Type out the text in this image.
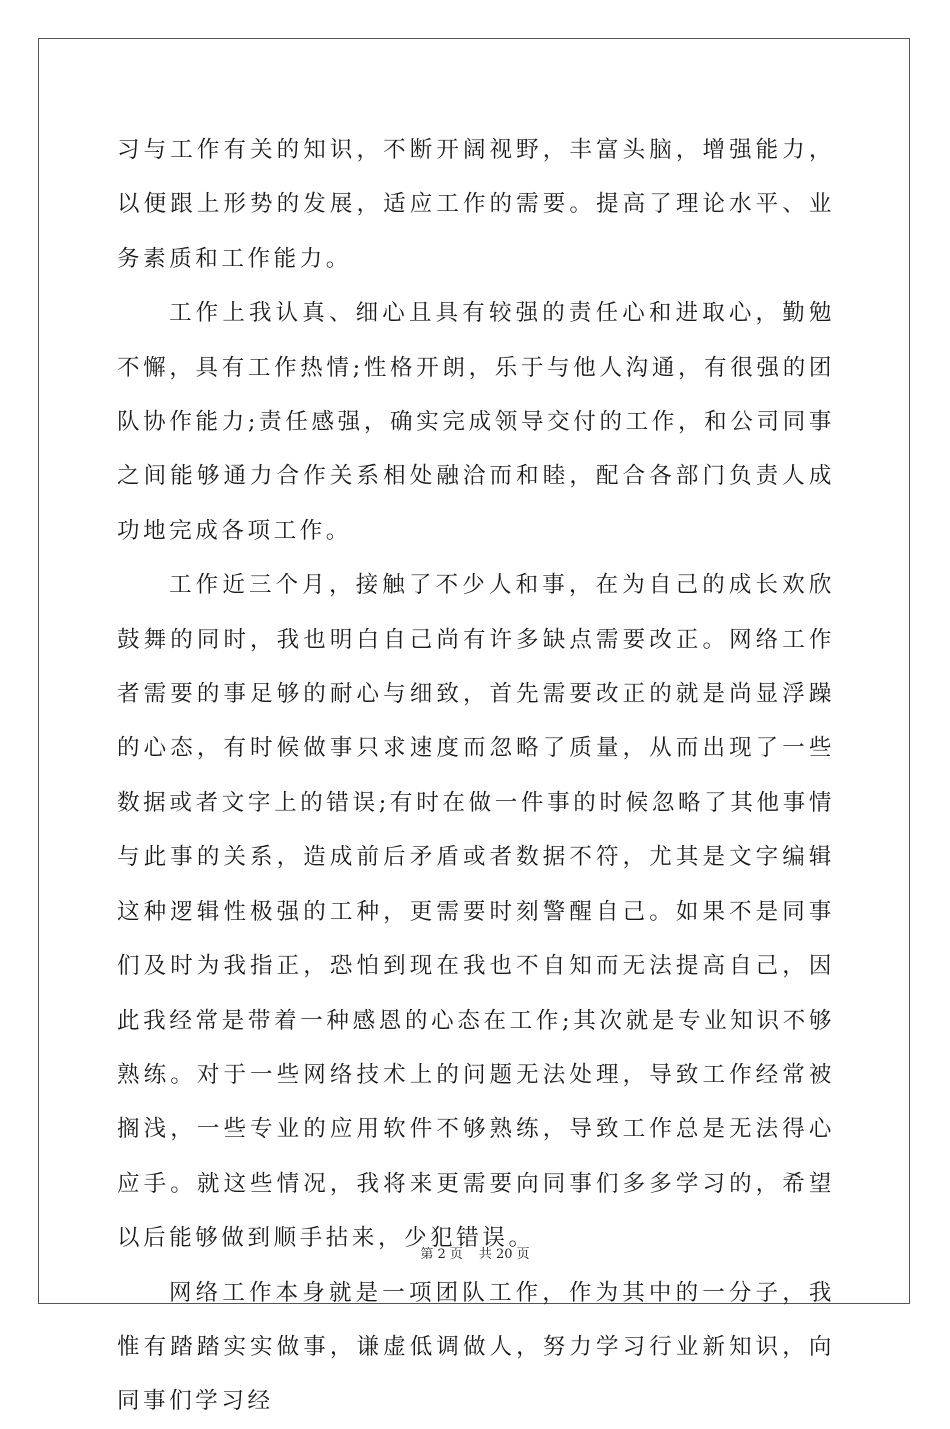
习与工作有关的知识，不断开阔视野，丰富头脑，增强能力，以便跟上形势的发展，适应工作的需要。提高了理论水平、业务素质和工作能力。

工作上我认真、细心且具有较强的责任心和进取心，勤勉不懈，具有工作热情;性格开朗，乐于与他人沟通，有很强的团队协作能力;责任感强，确实完成领导交付的工作，和公司同事之间能够通力合作关系相处融洽而和睦，配合各部门负责人成功地完成各项工作。

工作近三个月，接触了不少人和事，在为自己的成长欢欣鼓舞的同时，我也明白自己尚有许多缺点需要改正。网络工作者需要的事足够的耐心与细致，首先需要改正的就是尚显浮躁的心态，有时候做事只求速度而忽略了质量，从而出现了一些数据或者文字上的错误;有时在做一件事的时候忽略了其他事情与此事的关系，造成前后矛盾或者数据不符，尤其是文字编辑这种逻辑性极强的工种，更需要时刻警醒自己。如果不是同事们及时为我指正，恐怕到现在我也不自知而无法提高自己，因此我经常是带着一种感恩的心态在工作;其次就是专业知识不够熟练。对于一些网络技术上的问题无法处理，导致工作经常被搁浅，一些专业的应用软件不够熟练，导致工作总是无法得心应手。就这些情况，我将来更需要向同事们多多学习的，希望以后能够做到顺手拈来，少犯错误。

网络工作本身就是一项团队工作，作为其中的一分子，我惟有踏踏实实做事，谦虚低调做人，努力学习行业新知识，向同事们学习经

第 2 页 共 20 页
